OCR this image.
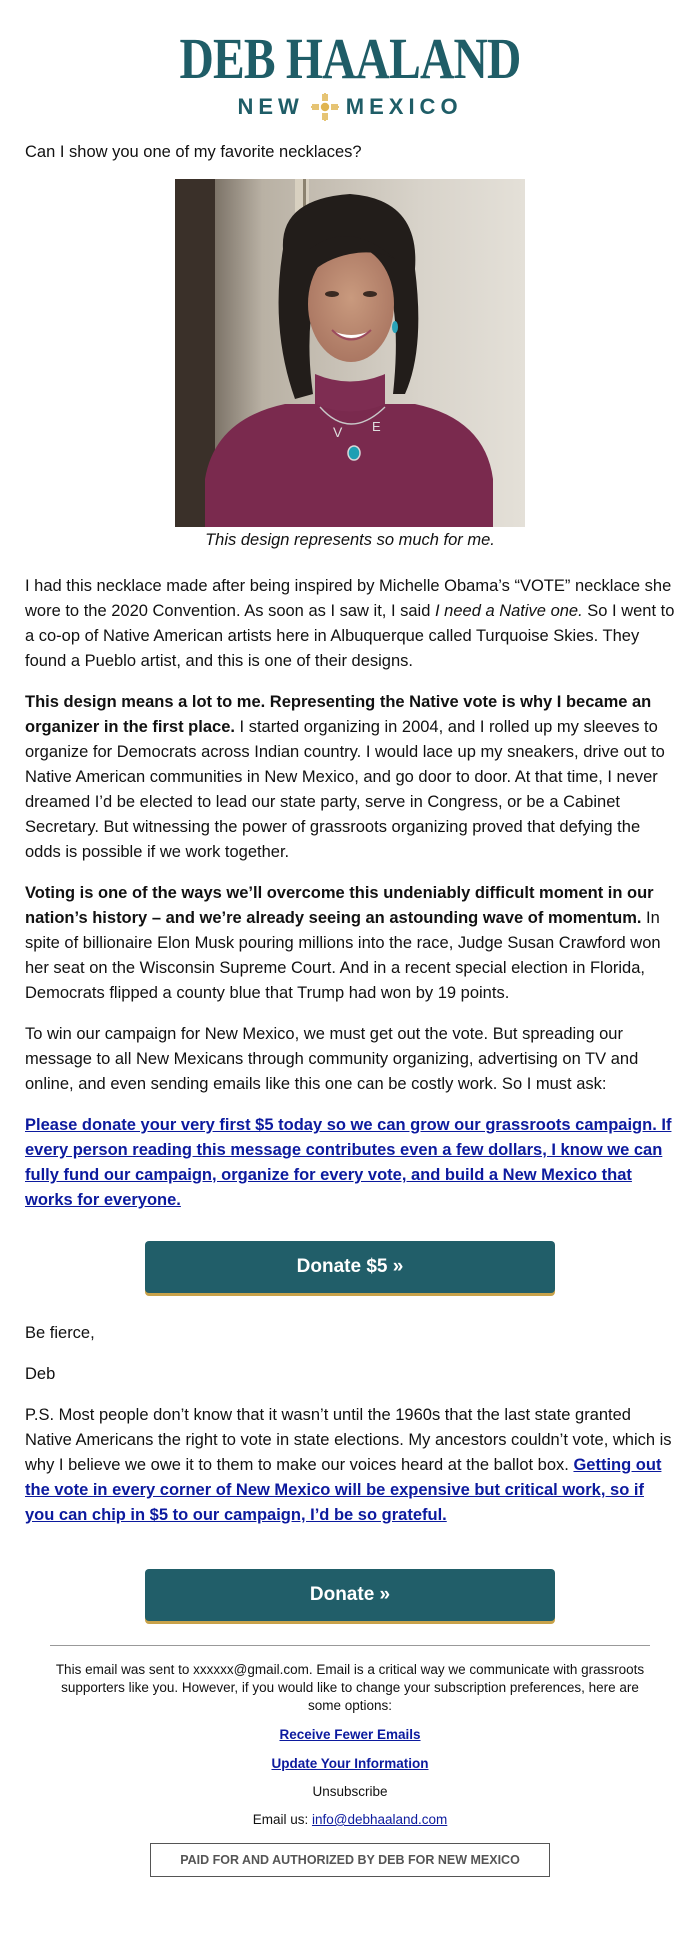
DEB HAALAND
NEW MEXICO

Can I show you one of my favorite necklaces?

V E

This design represents so much for me.

I had this necklace made after being inspired by Michelle Obama’s “VOTE” necklace she wore to the 2020 Convention. As soon as I saw it, I said I need a Native one. So I went to a co-op of Native American artists here in Albuquerque called Turquoise Skies. They found a Pueblo artist, and this is one of their designs.

This design means a lot to me. Representing the Native vote is why I became an organizer in the first place. I started organizing in 2004, and I rolled up my sleeves to organize for Democrats across Indian country. I would lace up my sneakers, drive out to Native American communities in New Mexico, and go door to door. At that time, I never dreamed I’d be elected to lead our state party, serve in Congress, or be a Cabinet Secretary. But witnessing the power of grassroots organizing proved that defying the odds is possible if we work together.

Voting is one of the ways we’ll overcome this undeniably difficult moment in our nation’s history – and we’re already seeing an astounding wave of momentum. In spite of billionaire Elon Musk pouring millions into the race, Judge Susan Crawford won her seat on the Wisconsin Supreme Court. And in a recent special election in Florida, Democrats flipped a county blue that Trump had won by 19 points.

To win our campaign for New Mexico, we must get out the vote. But spreading our message to all New Mexicans through community organizing, advertising on TV and online, and even sending emails like this one can be costly work. So I must ask:

Please donate your very first $5 today so we can grow our grassroots campaign. If every person reading this message contributes even a few dollars, I know we can fully fund our campaign, organize for every vote, and build a New Mexico that works for everyone.

Donate $5 »

Be fierce,

Deb

P.S. Most people don’t know that it wasn’t until the 1960s that the last state granted Native Americans the right to vote in state elections. My ancestors couldn’t vote, which is why I believe we owe it to them to make our voices heard at the ballot box. Getting out the vote in every corner of New Mexico will be expensive but critical work, so if you can chip in $5 to our campaign, I’d be so grateful.

Donate »

This email was sent to xxxxxx@gmail.com. Email is a critical way we communicate with grassroots supporters like you. However, if you would like to change your subscription preferences, here are some options:

Receive Fewer Emails
Update Your Information
Unsubscribe

Email us: info@debhaaland.com

PAID FOR AND AUTHORIZED BY DEB FOR NEW MEXICO
